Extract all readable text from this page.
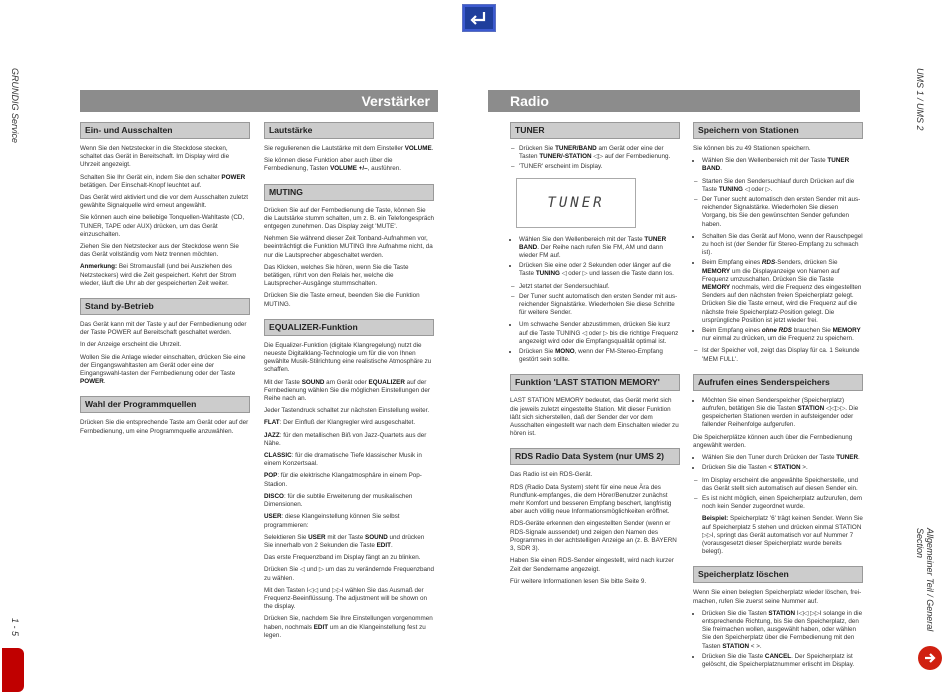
GRUNDIG Service
1 - 5
UMS 1 / UMS 2
Allgemeiner Teil / General Section
Verstärker	Radio
Ein- und Ausschalten

Wenn Sie den Netzstecker in die Steckdose stecken, schaltet das Gerät in Bereitschaft. Im Display wird die Uhrzeit angezeigt.

Schalten Sie Ihr Gerät ein, indem Sie den schalter POWER betätigen. Der Einschalt-Knopf leuchtet auf.

Das Gerät wird aktiviert und die vor dem Ausschalten zuletzt gewählte Signalquelle wird erneut angewählt.

Sie können auch eine beliebige Tonquellen-Wahltaste (CD, TUNER, TAPE oder AUX) drücken, um das Gerät einzuschalten.

Ziehen Sie den Netzstecker aus der Steckdose wenn Sie das Gerät vollständig vom Netz trennen möchten.

Anmerkung: Bei Stromausfall (und bei Ausziehen des Netzsteckers) wird die Zeit gespeichert. Kehrt der Strom wieder, läuft die Uhr ab der gespeicherten Zeit weiter.

Stand by-Betrieb

Das Gerät kann mit der Taste y auf der Fernbedienung oder der Taste POWER auf Bereitschaft geschaltet werden.

In der Anzeige erscheint die Uhrzeit.

Wollen Sie die Anlage wieder einschalten, drücken Sie eine der Eingangswahltasten am Gerät oder eine der Eingangswahl-tasten der Fernbedienung oder der Taste POWER.

Wahl der Programmquellen

Drücken Sie die entsprechende Taste am Gerät oder auf der Fernbedienung, um eine Programmquelle anzuwählen.

Lautstärke

Sie regulierenen die Lautstärke mit dem Einsteller VOLUME.

Sie können diese Funktion aber auch über die Fernbedienung, Tasten VOLUME +/–, ausführen.

MUTING

Drücken Sie auf der Fernbedienung die Taste, können Sie die Lautstärke stumm schalten, um z. B. ein Telefongespräch entgegen zunehmen. Das Display zeigt 'MUTE'.

Nehmen Sie während dieser Zeit Tonband-Aufnahmen vor, beeinträchtigt die Funktion MUTING Ihre Aufnahme nicht, da nur die Lautsprecher abgeschaltet werden.

Das Klicken, welches Sie hören, wenn Sie die Taste betätigen, rührt von den Relais her, welche die Lautsprecher-Ausgänge stummschalten.

Drücken Sie die Taste erneut, beenden Sie die Funktion MUTING.

EQUALIZER-Funktion

Die Equalizer-Funktion (digitale Klangregelung) nutzt die neueste Digitalklang-Technologie um für die von Ihnen gewählte Musik-Stilrichtung eine realistische Atmosphäre zu schaffen.

Mit der Taste SOUND am Gerät oder EQUALIZER auf der Fernbedienung wählen Sie die möglichen Einstellungen der Reihe nach an.

Jeder Tastendruck schaltet zur nächsten Einstellung weiter.

FLAT: Der Einfluß der Klangregler wird ausgeschaltet.

JAZZ: für den metallischen Biß von Jazz-Quartets aus der Nähe.

CLASSIC: für die dramatische Tiefe klassischer Musik in einem Konzertsaal.

POP: für die elektrische Klangatmosphäre in einem Pop-Stadion.

DISCO: für die subtile Erweiterung der musikalischen Dimensionen.

USER: diese Klangeinstellung können Sie selbst programmieren:

Selektieren Sie USER mit der Taste SOUND und drücken Sie innerhalb von 2 Sekunden die Taste EDIT.

Das erste Frequenzband im Display fängt an zu blinken.

Drücken Sie ◁ und ▷ um das zu verändernde Frequenzband zu wählen.

Mit den Tasten I◁◁ und ▷▷I wählen Sie das Ausmaß der Frequenz-Beeinflüssung. The adjustment will be shown on the display.

Drücken Sie, nachdem Sie Ihre Einstellungen vorgenommen haben, nochmals EDIT um an die Klangeinstellung fest zu legen.

TUNER
– Drücken Sie TUNER/BAND am Gerät oder eine der Tasten TUNER/-STATION ◁▷ auf der Fernbedienung.
– 'TUNER' erscheint im Display.
TUNER
• Wählen Sie den Wellenbereich mit der Taste TUNER BAND. Der Reihe nach rufen Sie FM, AM und dann wieder FM auf.
• Drücken Sie eine oder 2 Sekunden oder länger auf die Taste TUNING ◁ oder ▷ und lassen die Taste dann los.
– Jetzt startet der Sendersuchlauf.
– Der Tuner sucht automatisch den ersten Sender mit aus-reichender Signalstärke. Wiederholen Sie diese Schritte für weitere Sender.
• Um schwache Sender abzustimmen, drücken Sie kurz auf die Taste TUNING ◁ oder ▷ bis die richtige Frequenz angezeigt wird oder die Empfangsqualität optimal ist.
• Drücken Sie MONO, wenn der FM-Stereo-Empfang gestört sein sollte.
Funktion 'LAST STATION MEMORY'

LAST STATION MEMORY bedeutet, das Gerät merkt sich die jeweils zuletzt eingestellte Station. Mit dieser Funktion läßt sich sicherstellen, daß der Sender der vor dem Ausschalten eingestellt war nach dem Einschalten wieder zu hören ist.

RDS Radio Data System (nur UMS 2)

Das Radio ist ein RDS-Gerät.

RDS (Radio Data System) steht für eine neue Ära des Rundfunk-empfanges, die dem Hörer/Benutzer zunächst mehr Komfort und besseren Empfang beschert, langfristig aber auch völlig neue Informationsmöglichkeiten eröffnet.

RDS-Geräte erkennen den eingestellten Sender (wenn er RDS-Signale aussendet) und zeigen den Namen des Programmes in der achtstelligen Anzeige an (z. B. BAYERN 3, SDR 3).

Haben Sie einen RDS-Sender eingestellt, wird nach kurzer Zeit der Sendername angezeigt.

Für weitere Informationen lesen Sie bitte Seite 9.

Speichern von Stationen

Sie können bis zu 49 Stationen speichern.

• Wählen Sie den Wellenbereich mit der Taste TUNER BAND.
– Starten Sie den Sendersuchlauf durch Drücken auf die Taste TUNING ◁ oder ▷.
– Der Tuner sucht automatisch den ersten Sender mit aus-reichender Signalstärke. Wiederholen Sie diesen Vorgang, bis Sie den gewünschten Sender gefunden haben.
• Schalten Sie das Gerät auf Mono, wenn der Rauschpegel zu hoch ist (der Sender für Stereo-Empfang zu schwach ist).
• Beim Empfang eines RDS-Senders, drücken Sie MEMORY um die Displayanzeige von Namen auf Frequenz umzuschalten. Drücken Sie die Taste MEMORY nochmals, wird die Frequenz des eingestellten Senders auf den nächsten freien Speicherplatz gelegt. Drücken Sie die Taste erneut, wird die Frequenz auf die nächste freie Speicherplatz-Position gelegt. Die ursprüngliche Position ist jetzt wieder frei.
• Beim Empfang eines ohne RDS brauchen Sie MEMORY nur einmal zu drücken, um die Frequenz zu speichern.
– Ist der Speicher voll, zeigt das Display für ca. 1 Sekunde 'MEM FULL'.
Aufrufen eines Senderspeichers
• Möchten Sie einen Senderspeicher (Speicherplatz) aufrufen, betätigen Sie die Tasten STATION ◁◁▷▷. Die gespeicherten Stationen werden in aufsteigender oder fallender Reihenfolge aufgerufen.

Die Speicherplätze können auch über die Fernbedienung angewählt werden.

• Wählen Sie den Tuner durch Drücken der Taste TUNER.
• Drücken Sie die Tasten < STATION >.
– Im Display erscheint die angewählte Speicherstelle, und das Gerät stellt sich automatisch auf diesen Sender ein.
– Es ist nicht möglich, einen Speicherplatz aufzurufen, dem noch kein Sender zugeordnet wurde.

Beispiel: Speicherplatz '6' trägt keinen Sender. Wenn Sie auf Speicherplatz 5 stehen und drücken einmal STATION ▷▷I, springt das Gerät automatisch vor auf Nummer 7 (vorausgesetzt dieser Speicherplatz wurde bereits belegt).

Speicherplatz löschen

Wenn Sie einen belegten Speicherplatz wieder löschen, frei-machen, rufen Sie zuerst seine Nummer auf.

• Drücken Sie die Tasten STATION I◁◁ ▷▷I solange in die entsprechende Richtung, bis Sie den Speicherplatz, den Sie freimachen wollen, ausgewählt haben, oder wählen Sie den Speicherplatz über die Fernbedienung mit den Tasten STATION < >.
• Drücken Sie die Taste CANCEL. Der Speicherplatz ist gelöscht, die Speicherplatznummer erlischt im Display.
